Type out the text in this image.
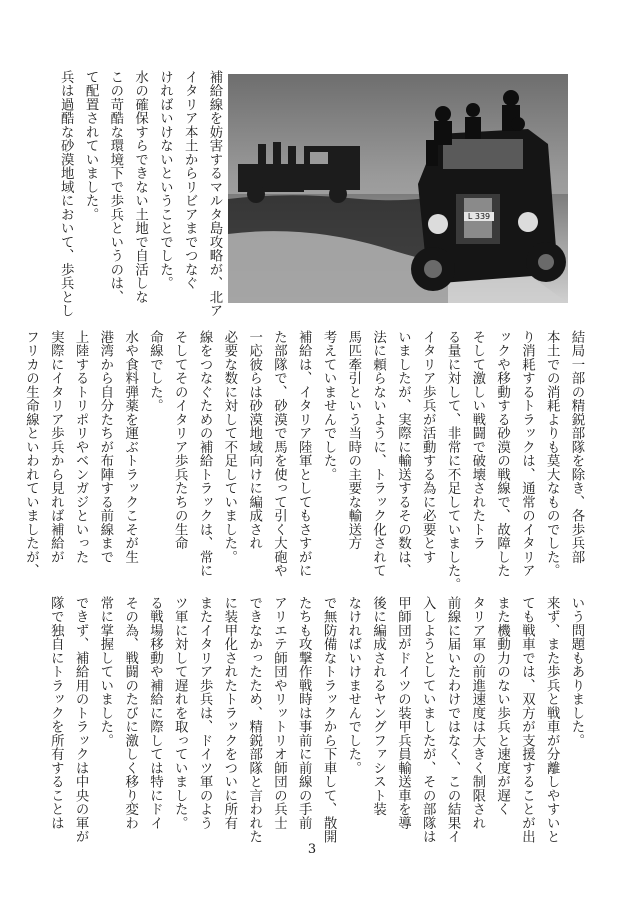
補給線を妨害するマルタ島攻略が、北ア
イタリア本土からリビアまでつなぐ
ければいけないということでした。
水の確保すらできない土地で自活しな
この苛酷な環境下で歩兵というのは、
て配置されていました。
兵は過酷な砂漠地域において、歩兵とし	L 339
結局一部の精鋭部隊を除き、各歩兵部
本土での消耗よりも莫大なものでした。
り消耗するトラックは、通常のイタリア
ックや移動する砂漠の戦線で、故障した
そして激しい戦闘で破壊されたトラ
る量に対して、非常に不足していました。
イタリア歩兵が活動する為に必要とす
いましたが、実際に輸送するその数は、
法に頼らないように、トラック化されて
馬匹牽引という当時の主要な輸送方
考えていませんでした。
補給は、イタリア陸軍としてもさすがに
た部隊で、砂漠で馬を使って引く大砲や
一応彼らは砂漠地域向けに編成され
必要な数に対して不足していました。
線をつなぐための補給トラックは、常に
そしてそのイタリア歩兵たちの生命
命線でした。
水や食料弾薬を運ぶトラックこそが生
港湾から自分たちが布陣する前線まで
上陸するトリポリやベンガジといった
実際にイタリア歩兵から見れば補給が
フリカの生命線といわれていましたが、
いう問題もありました。
来ず、また歩兵と戦車が分離しやすいと
ても戦車では、双方が支援することが出
また機動力のない歩兵と速度が遅く
タリア軍の前進速度は大きく制限され
前線に届いたわけではなく、この結果イ
入しようとしていましたが、その部隊は
甲師団がドイツの装甲兵員輸送車を導
後に編成されるヤングファシスト装
なければいけませんでした。
で無防備なトラックから下車して、散開
たちも攻撃作戦時は事前に前線の手前
アリエテ師団やリットリオ師団の兵士
できなかったため、精鋭部隊と言われた
に装甲化されたトラックをついに所有
またイタリア歩兵は、ドイツ軍のよう
ツ軍に対して遅れを取っていました。
る戦場移動や補給に際しては特にドイ
その為、戦闘のたびに激しく移り変わ
常に掌握していました。
できず、補給用のトラックは中央の軍が
隊で独自にトラックを所有することは
3
